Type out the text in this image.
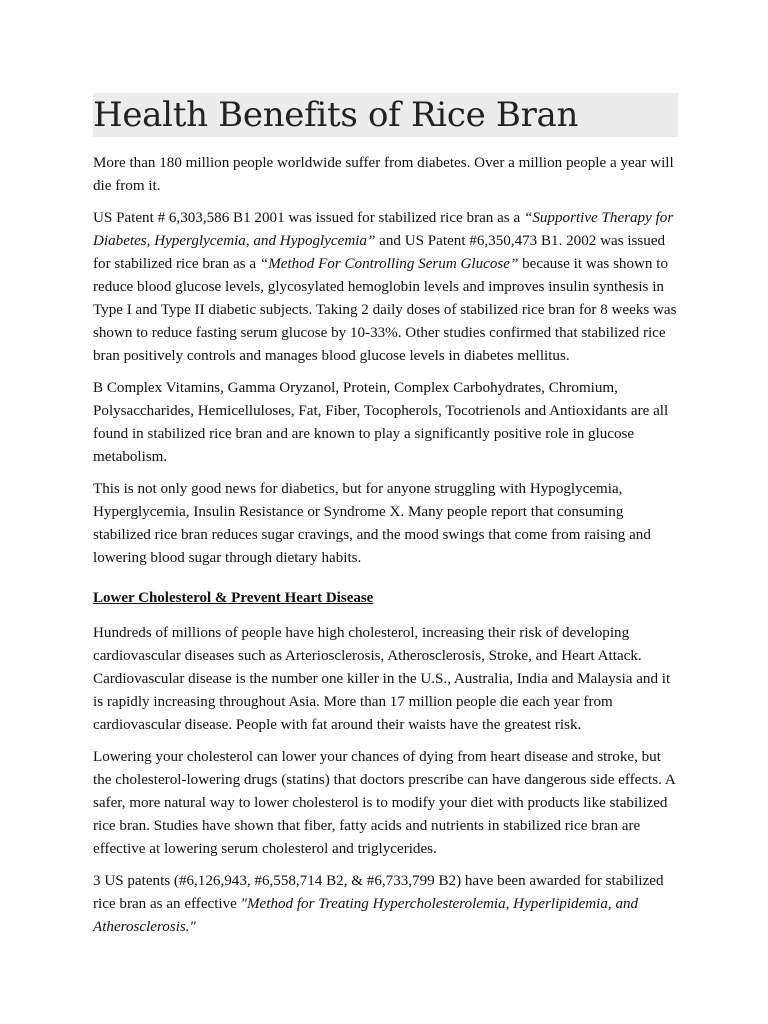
Health Benefits of Rice Bran

More than 180 million people worldwide suffer from diabetes. Over a million people a year will die from it.

US Patent # 6,303,586 B1 2001 was issued for stabilized rice bran as a “Supportive Therapy for Diabetes, Hyperglycemia, and Hypoglycemia” and US Patent #6,350,473 B1. 2002 was issued for stabilized rice bran as a “Method For Controlling Serum Glucose” because it was shown to reduce blood glucose levels, glycosylated hemoglobin levels and improves insulin synthesis in Type I and Type II diabetic subjects. Taking 2 daily doses of stabilized rice bran for 8 weeks was shown to reduce fasting serum glucose by 10-33%. Other studies confirmed that stabilized rice bran positively controls and manages blood glucose levels in diabetes mellitus.

B Complex Vitamins, Gamma Oryzanol, Protein, Complex Carbohydrates, Chromium, Polysaccharides, Hemicelluloses, Fat, Fiber, Tocopherols, Tocotrienols and Antioxidants are all found in stabilized rice bran and are known to play a significantly positive role in glucose metabolism.

This is not only good news for diabetics, but for anyone struggling with Hypoglycemia, Hyperglycemia, Insulin Resistance or Syndrome X. Many people report that consuming stabilized rice bran reduces sugar cravings, and the mood swings that come from raising and lowering blood sugar through dietary habits.

Lower Cholesterol & Prevent Heart Disease

Hundreds of millions of people have high cholesterol, increasing their risk of developing cardiovascular diseases such as Arteriosclerosis, Atherosclerosis, Stroke, and Heart Attack. Cardiovascular disease is the number one killer in the U.S., Australia, India and Malaysia and it is rapidly increasing throughout Asia. More than 17 million people die each year from cardiovascular disease. People with fat around their waists have the greatest risk.

Lowering your cholesterol can lower your chances of dying from heart disease and stroke, but the cholesterol-lowering drugs (statins) that doctors prescribe can have dangerous side effects. A safer, more natural way to lower cholesterol is to modify your diet with products like stabilized rice bran. Studies have shown that fiber, fatty acids and nutrients in stabilized rice bran are effective at lowering serum cholesterol and triglycerides.

3 US patents (#6,126,943, #6,558,714 B2, & #6,733,799 B2) have been awarded for stabilized rice bran as an effective "Method for Treating Hypercholesterolemia, Hyperlipidemia, and Atherosclerosis."
